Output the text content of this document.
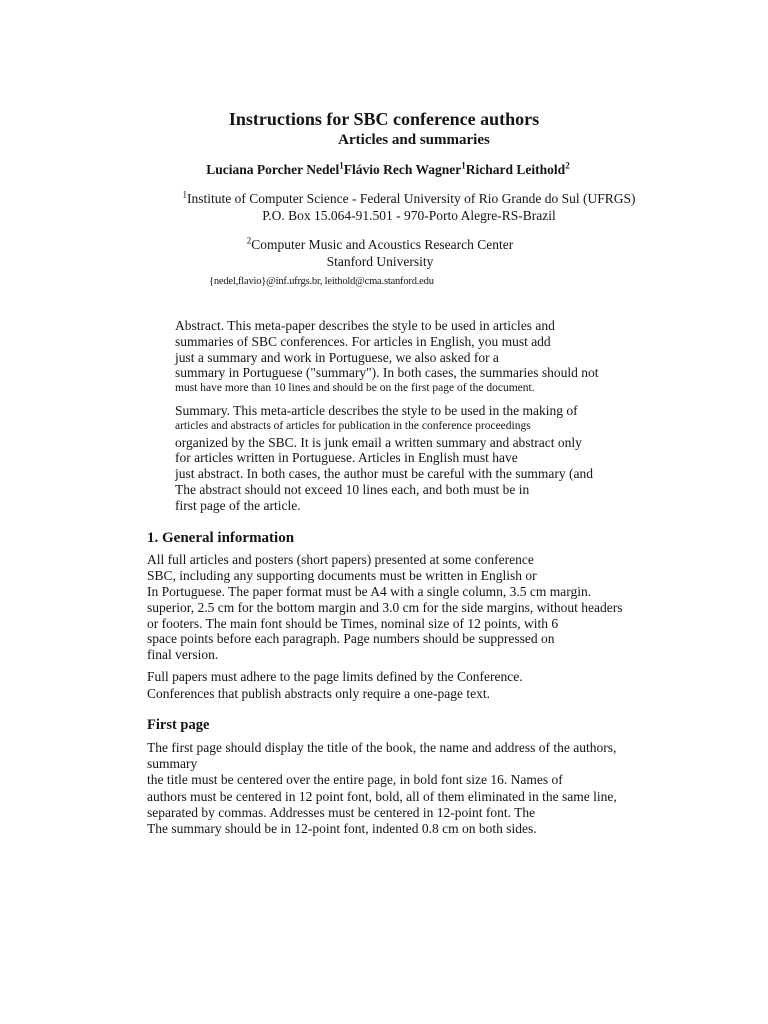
Instructions for SBC conference authors
Articles and summaries
Luciana Porcher Nedel$^1$Flávio Rech Wagner$^1$Richard Leithold$^2$
$^1$Institute of Computer Science - Federal University of Rio Grande do Sul (UFRGS)
P.O. Box 15.064-91.501 - 970-Porto Alegre-RS-Brazil
$^2$Computer Music and Acoustics Research Center
Stanford University
{nedel,flavio}@inf.ufrgs.br, leithold@cma.stanford.edu
Abstract. This meta-paper describes the style to be used in articles and
summaries of SBC conferences. For articles in English, you must add
just a summary and work in Portuguese, we also asked for a
summary in Portuguese ("summary"). In both cases, the summaries should not
must have more than 10 lines and should be on the first page of the document.
Summary. This meta-article describes the style to be used in the making of
articles and abstracts of articles for publication in the conference proceedings
organized by the SBC. It is junk email a written summary and abstract only
for articles written in Portuguese. Articles in English must have
just abstract. In both cases, the author must be careful with the summary (and
The abstract should not exceed 10 lines each, and both must be in
first page of the article.
1. General information
All full articles and posters (short papers) presented at some conference
SBC, including any supporting documents must be written in English or
In Portuguese. The paper format must be A4 with a single column, 3.5 cm margin.
superior, 2.5 cm for the bottom margin and 3.0 cm for the side margins, without headers
or footers. The main font should be Times, nominal size of 12 points, with 6
space points before each paragraph. Page numbers should be suppressed on
final version.
Full papers must adhere to the page limits defined by the Conference.
Conferences that publish abstracts only require a one-page text.
First page
The first page should display the title of the book, the name and address of the authors,
summary
the title must be centered over the entire page, in bold font size 16. Names of
authors must be centered in 12 point font, bold, all of them eliminated in the same line,
separated by commas. Addresses must be centered in 12-point font. The
The summary should be in 12-point font, indented 0.8 cm on both sides.
